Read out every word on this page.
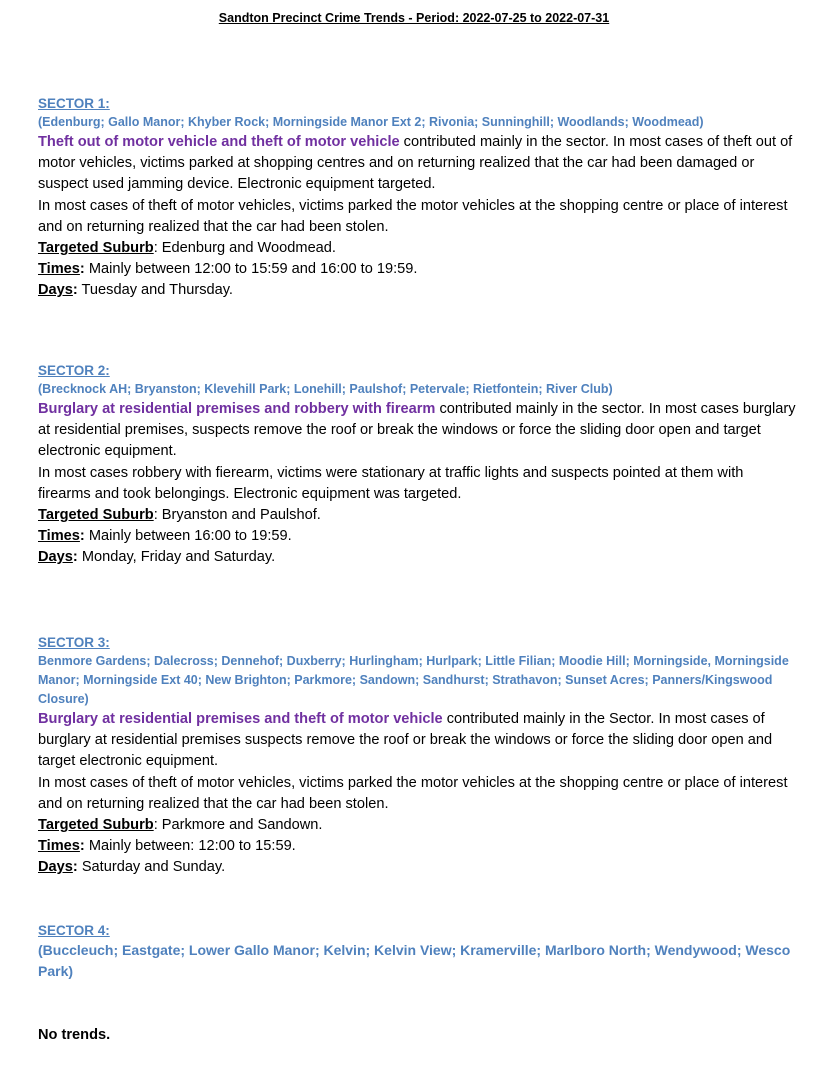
Sandton Precinct Crime Trends - Period: 2022-07-25 to 2022-07-31
SECTOR 1:
(Edenburg; Gallo Manor; Khyber Rock; Morningside Manor Ext 2; Rivonia; Sunninghill; Woodlands; Woodmead)

Theft out of motor vehicle and theft of motor vehicle contributed mainly in the sector. In most cases of theft out of motor vehicles, victims parked at shopping centres and on returning realized that the car had been damaged or suspect used jamming device. Electronic equipment targeted.

In most cases of theft of motor vehicles, victims parked the motor vehicles at the shopping centre or place of interest and on returning realized that the car had been stolen.

Targeted Suburb: Edenburg and Woodmead.

Times: Mainly between 12:00 to 15:59 and 16:00 to 19:59.

Days: Tuesday and Thursday.

SECTOR 2:
(Brecknock AH; Bryanston; Klevehill Park; Lonehill; Paulshof; Petervale; Rietfontein; River Club)

Burglary at residential premises and robbery with firearm contributed mainly in the sector. In most cases burglary at residential premises, suspects remove the roof or break the windows or force the sliding door open and target electronic equipment.

In most cases robbery with fierearm, victims were stationary at traffic lights and suspects pointed at them with firearms and took belongings. Electronic equipment was targeted.

Targeted Suburb: Bryanston and Paulshof.

Times: Mainly between 16:00 to 19:59.

Days: Monday, Friday and Saturday.

SECTOR 3:
Benmore Gardens; Dalecross; Dennehof; Duxberry; Hurlingham; Hurlpark; Little Filian; Moodie Hill; Morningside, Morningside Manor; Morningside Ext 40; New Brighton; Parkmore; Sandown; Sandhurst; Strathavon; Sunset Acres; Panners/Kingswood Closure)

Burglary at residential premises and theft of motor vehicle contributed mainly in the Sector. In most cases of burglary at residential premises suspects remove the roof or break the windows or force the sliding door open and target electronic equipment.

In most cases of theft of motor vehicles, victims parked the motor vehicles at the shopping centre or place of interest and on returning realized that the car had been stolen.

Targeted Suburb: Parkmore and Sandown.

Times: Mainly between: 12:00 to 15:59.

Days: Saturday and Sunday.

SECTOR 4:
(Buccleuch; Eastgate; Lower Gallo Manor; Kelvin; Kelvin View; Kramerville; Marlboro North; Wendywood; Wesco Park)
No trends.
